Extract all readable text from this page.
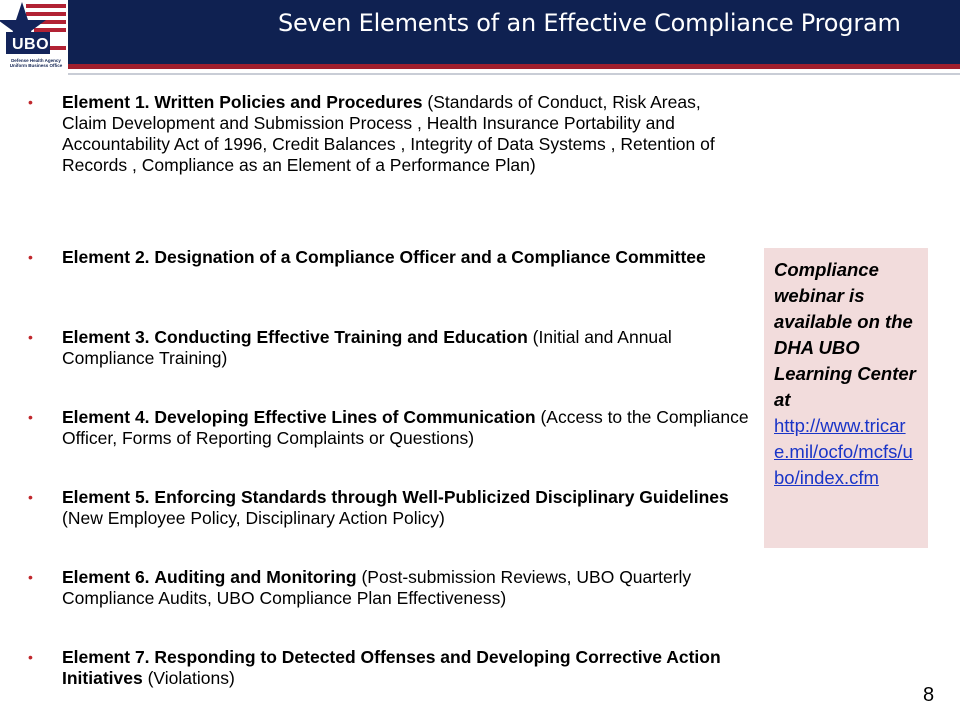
UBO
Defense Health Agency
Uniform Business Office
Seven Elements of an Effective Compliance Program
• Element 1. Written Policies and Procedures (Standards of Conduct, Risk Areas, Claim Development and Submission Process , Health Insurance Portability and Accountability Act of 1996, Credit Balances , Integrity of Data Systems , Retention of Records , Compliance as an Element of a Performance Plan)
• Element 2. Designation of a Compliance Officer and a Compliance Committee
• Element 3. Conducting Effective Training and Education (Initial and Annual Compliance Training)
• Element 4. Developing Effective Lines of Communication (Access to the Compliance Officer, Forms of Reporting Complaints or Questions)
• Element 5. Enforcing Standards through Well-Publicized Disciplinary Guidelines (New Employee Policy, Disciplinary Action Policy)
• Element 6. Auditing and Monitoring (Post-submission Reviews, UBO Quarterly Compliance Audits, UBO Compliance Plan Effectiveness)
• Element 7. Responding to Detected Offenses and Developing Corrective Action Initiatives (Violations)
Compliance webinar is available on the DHA UBO Learning Center at
http://www.tricare.mil/ocfo/mcfs/ubo/index.cfm
8
